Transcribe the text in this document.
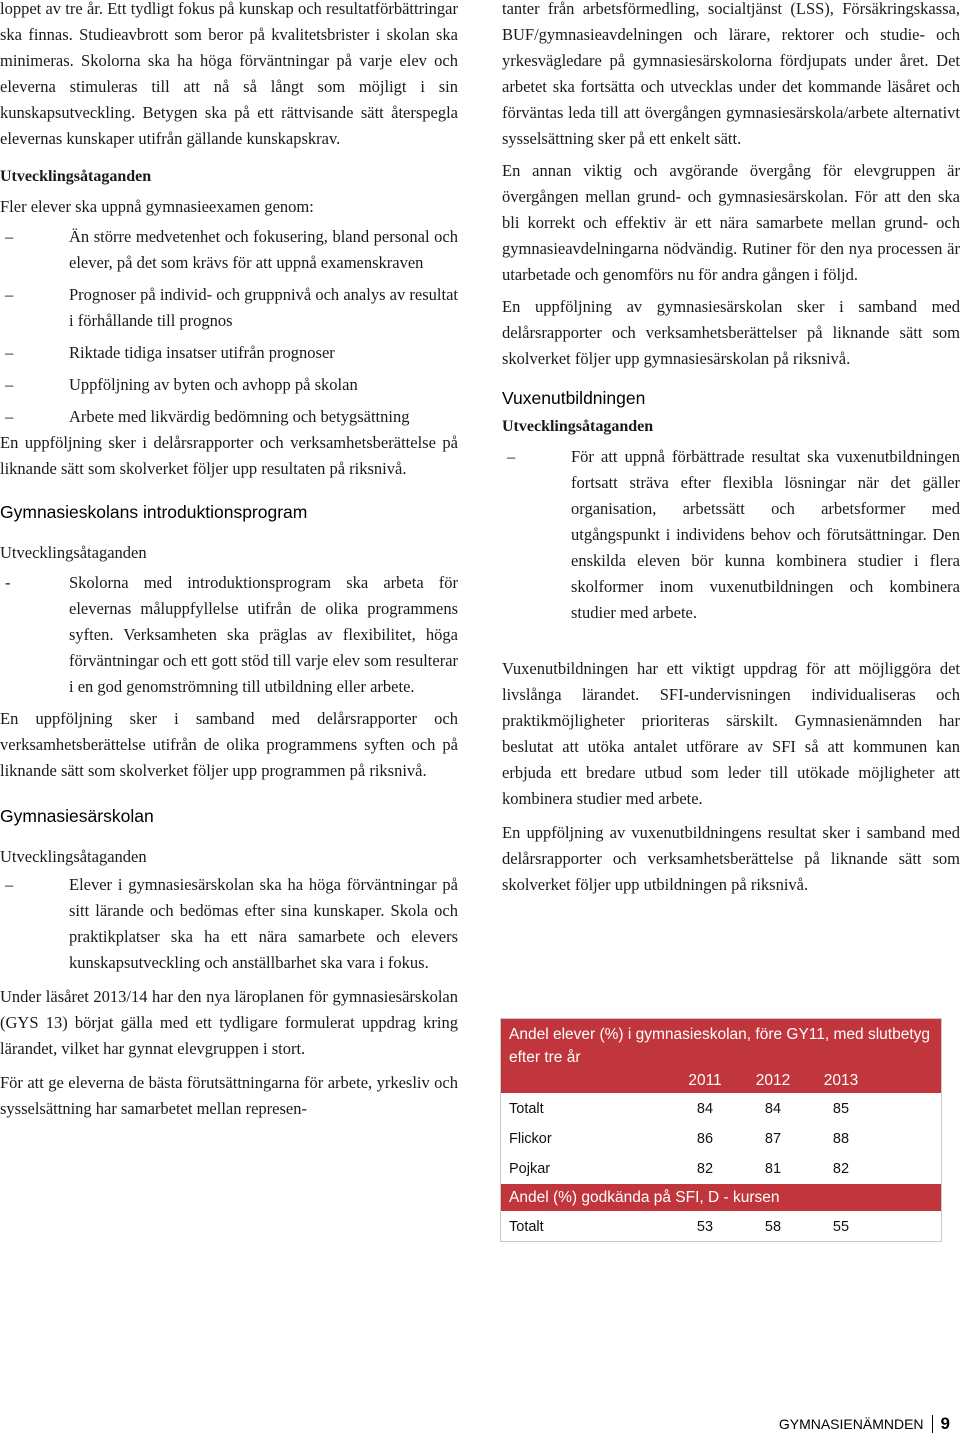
loppet av tre år. Ett tydligt fokus på kunskap och resultatförbättringar ska finnas. Studieavbrott som beror på kvalitetsbrister i skolan ska minimeras. Skolorna ska ha höga förväntningar på varje elev och eleverna stimuleras till att nå så långt som möjligt i sin kunskapsutveckling. Betygen ska på ett rättvisande sätt återspegla elevernas kunskaper utifrån gällande kunskapskrav.

Utvecklingsåtaganden

Fler elever ska uppnå gymnasieexamen genom:

–	Än större medvetenhet och fokusering, bland personal och elever, på det som krävs för att uppnå examenskraven
–	Prognoser på individ- och gruppnivå och analys av resultat i förhållande till prognos
–	Riktade tidiga insatser utifrån prognoser
–	Uppföljning av byten och avhopp på skolan
–	Arbete med likvärdig bedömning och betygsättning

En uppföljning sker i delårsrapporter och verksamhetsberättelse på liknande sätt som skolverket följer upp resultaten på riksnivå.

Gymnasieskolans introduktionsprogram
Utvecklingsåtaganden
-	Skolorna med introduktionsprogram ska arbeta för elevernas måluppfyllelse utifrån de olika programmens syften. Verksamheten ska präglas av flexibilitet, höga förväntningar och ett gott stöd till varje elev som resulterar i en god genomströmning till utbildning eller arbete.

En uppföljning sker i samband med delårsrapporter och verksamhetsberättelse utifrån de olika programmens syften och på liknande sätt som skolverket följer upp programmen på riksnivå.

Gymnasiesärskolan
Utvecklingsåtaganden
–	Elever i gymnasiesärskolan ska ha höga förväntningar på sitt lärande och bedömas efter sina kunskaper. Skola och praktikplatser ska ha ett nära samarbete och elevers kunskapsutveckling och anställbarhet ska vara i fokus.

Under läsåret 2013/14 har den nya läroplanen för gymnasiesärskolan (GYS 13) börjat gälla med ett tydligare formulerat uppdrag kring lärandet, vilket har gynnat elevgruppen i stort.

För att ge eleverna de bästa förutsättningarna för arbete, yrkesliv och sysselsättning har samarbetet mellan represen-

tanter från arbetsförmedling, socialtjänst (LSS), Försäkringskassa, BUF/gymnasieavdelningen och lärare, rektorer och studie- och yrkesvägledare på gymnasiesärskolorna fördjupats under året. Det arbetet ska fortsätta och utvecklas under det kommande läsåret och förväntas leda till att övergången gymnasiesärskola/arbete alternativt sysselsättning sker på ett enkelt sätt.

En annan viktig och avgörande övergång för elevgruppen är övergången mellan grund- och gymnasiesärskolan. För att den ska bli korrekt och effektiv är ett nära samarbete mellan grund- och gymnasieavdelningarna nödvändig. Rutiner för den nya processen är utarbetade och genomförs nu för andra gången i följd.

En uppföljning av gymnasiesärskolan sker i samband med delårsrapporter och verksamhetsberättelser på liknande sätt som skolverket följer upp gymnasiesärskolan på riksnivå.

Vuxenutbildningen
Utvecklingsåtaganden
–	För att uppnå förbättrade resultat ska vuxenutbildningen fortsatt sträva efter flexibla lösningar när det gäller organisation, arbetssätt och arbetsformer med utgångspunkt i individens behov och förutsättningar. Den enskilda eleven bör kunna kombinera studier i flera skolformer inom vuxenutbildningen och kombinera studier med arbete.

Vuxenutbildningen har ett viktigt uppdrag för att möjliggöra det livslånga lärandet. SFI-undervisningen individualiseras och praktikmöjligheter prioriteras särskilt. Gymnasienämnden har beslutat att utöka antalet utförare av SFI så att kommunen kan erbjuda ett bredare utbud som leder till utökade möjligheter att kombinera studier med arbete.

En uppföljning av vuxenutbildningens resultat sker i samband med delårsrapporter och verksamhetsberättelse på liknande sätt som skolverket följer upp utbildningen på riksnivå.

Andel elever (%) i gymnasieskolan, före GY11, med slutbetyg efter tre år
2011	2012	2013
Totalt	84	84	85
Flickor	86	87	88
Pojkar	82	81	82
Andel (%) godkända på SFI, D - kursen
Totalt	53	58	55
GYMNASIENÄMNDEN 9
